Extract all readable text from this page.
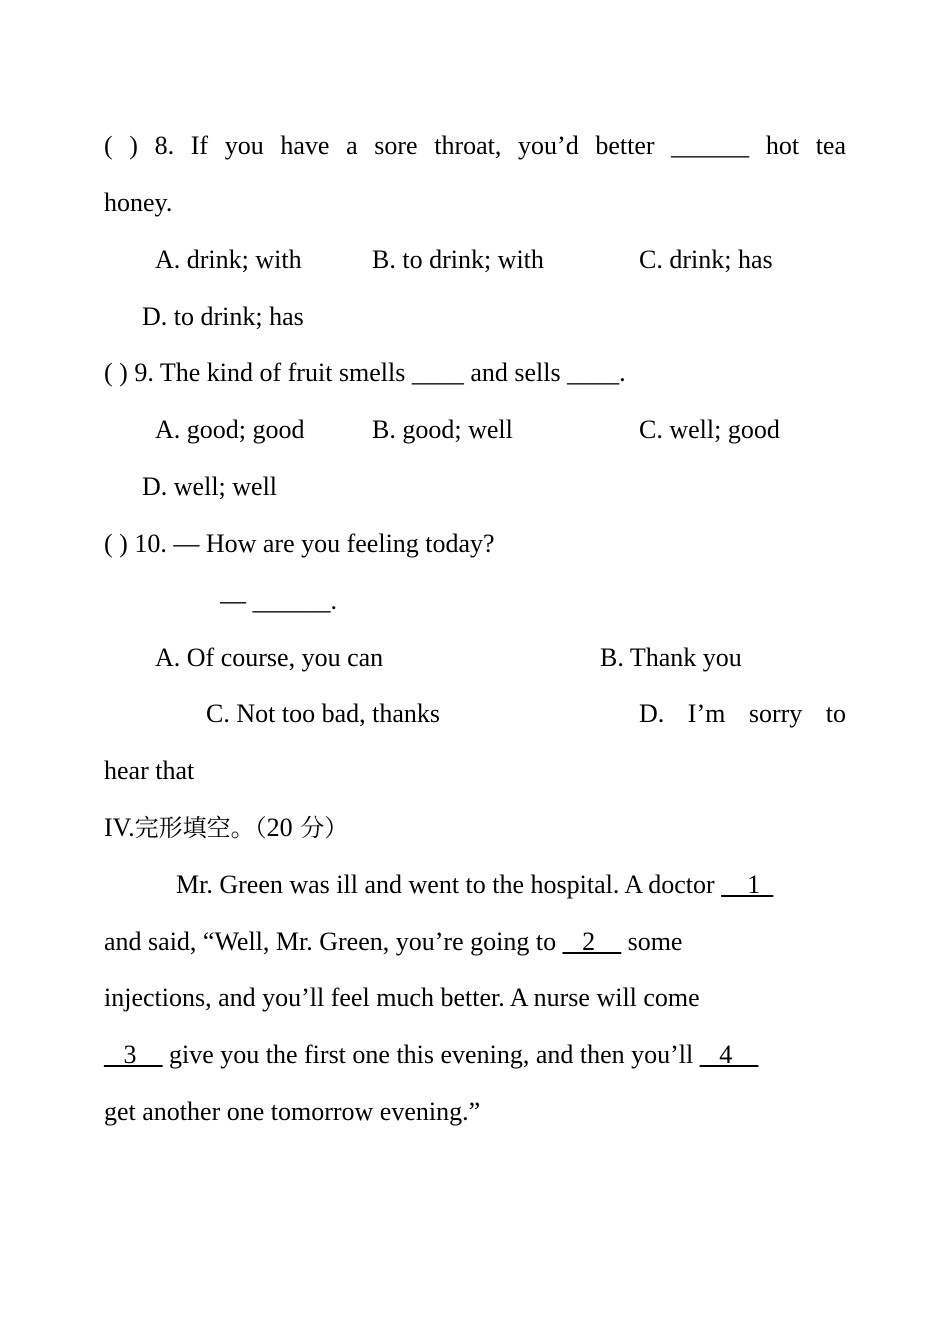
( ) 8. If you have a sore throat, you’d better ______ hot tea
honey.
A. drink; with	B. to drink; with	C. drink; has
D. to drink; has
( ) 9. The kind of fruit smells ____ and sells ____.
A. good; good	B. good; well	C. well; good
D. well; well
( ) 10. — How are you feeling today?
— ______.
A. Of course, you can	B. Thank you
C. Not too bad, thanks	D. I’m sorry to
hear that
IV.完形填空。（20 分）
Mr. Green was ill and went to the hospital. A doctor __1_
and said, “Well, Mr. Green, you’re going to _ 2__ some
injections, and you’ll feel much better. A nurse will come
_ 3__ give you the first one this evening, and then you’ll _ 4__
get another one tomorrow evening.”
